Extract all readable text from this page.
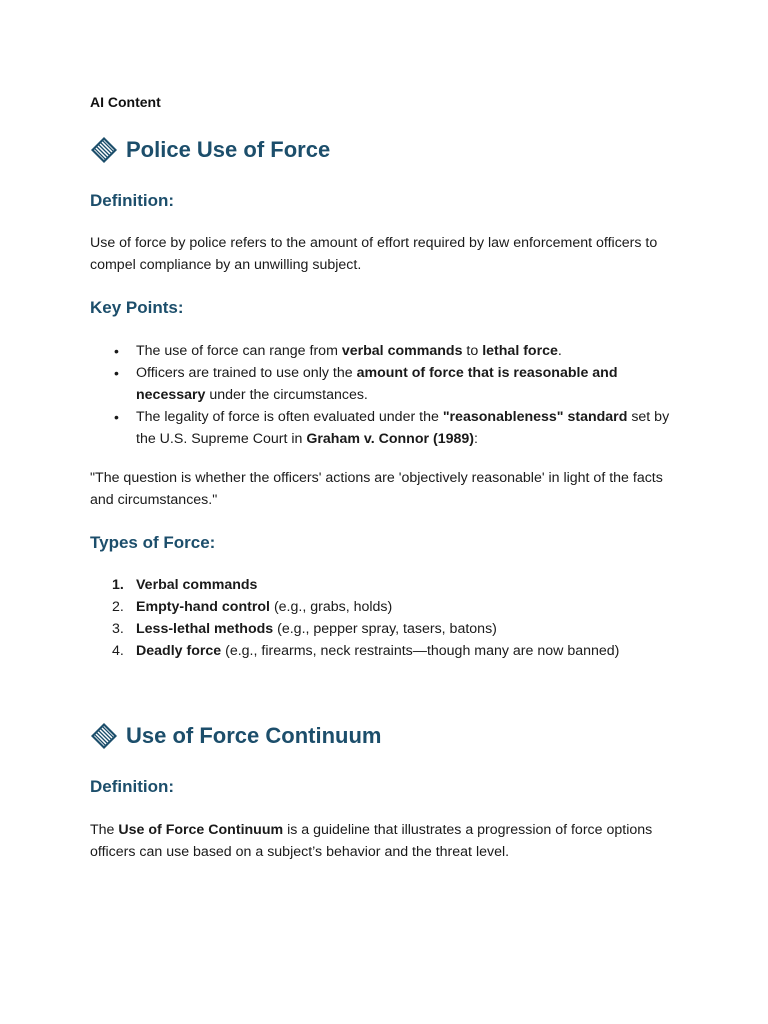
AI Content
Police Use of Force
Definition:
Use of force by police refers to the amount of effort required by law enforcement officers to compel compliance by an unwilling subject.
Key Points:
• The use of force can range from verbal commands to lethal force.
• Officers are trained to use only the amount of force that is reasonable and necessary under the circumstances.
• The legality of force is often evaluated under the "reasonableness" standard set by the U.S. Supreme Court in Graham v. Connor (1989):
"The question is whether the officers' actions are 'objectively reasonable' in light of the facts and circumstances."
Types of Force:
1. Verbal commands
2. Empty-hand control (e.g., grabs, holds)
3. Less-lethal methods (e.g., pepper spray, tasers, batons)
4. Deadly force (e.g., firearms, neck restraints—though many are now banned)
Use of Force Continuum
Definition:
The Use of Force Continuum is a guideline that illustrates a progression of force options officers can use based on a subject’s behavior and the threat level.
